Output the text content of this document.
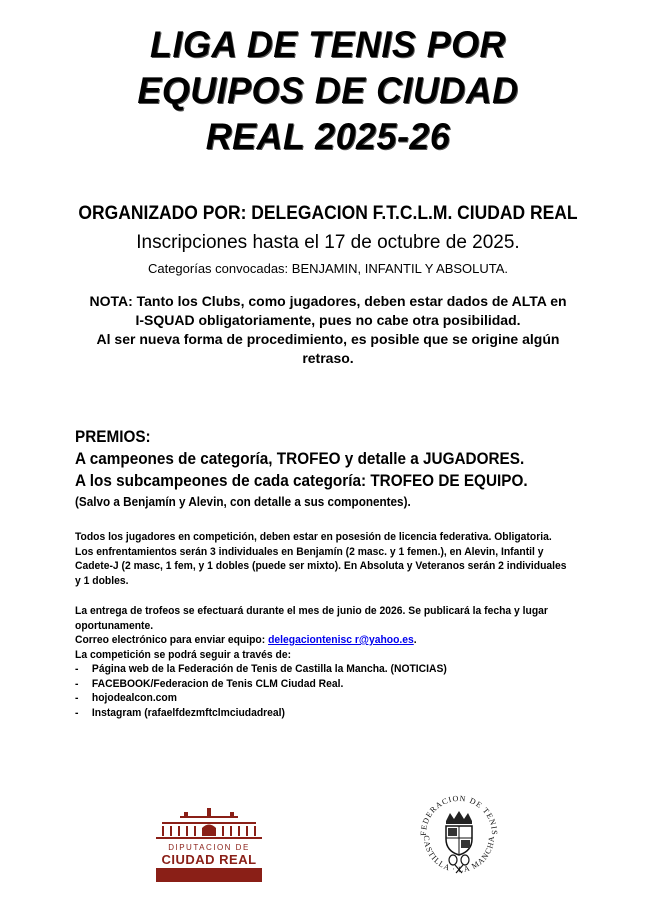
LIGA DE TENIS POR
EQUIPOS DE CIUDAD
REAL 2025-26
ORGANIZADO POR: DELEGACION F.T.C.L.M. CIUDAD REAL
Inscripciones hasta el 17 de octubre de 2025.
Categorías convocadas: BENJAMIN, INFANTIL Y ABSOLUTA.
NOTA: Tanto los Clubs, como jugadores, deben estar dados de ALTA en
I-SQUAD obligatoriamente, pues no cabe otra posibilidad.
Al ser nueva forma de procedimiento, es posible que se origine algún
retraso.
PREMIOS:
A campeones de categoría, TROFEO y detalle a JUGADORES.
A los subcampeones de cada categoría: TROFEO DE EQUIPO.
(Salvo a Benjamín y Alevin, con detalle a sus componentes).

Todos los jugadores en competición, deben estar en posesión de licencia federativa. Obligatoria.
Los enfrentamientos serán 3 individuales en Benjamín (2 masc. y 1 femen.), en Alevin, Infantil y
Cadete-J (2 masc, 1 fem, y 1 dobles (puede ser mixto). En Absoluta y Veteranos serán 2 individuales
y 1 dobles.

La entrega de trofeos se efectuará durante el mes de junio de 2026. Se publicará la fecha y lugar
oportunamente.
Correo electrónico para enviar equipo: delegaciontenisc r@yahoo.es.
La competición se podrá seguir a través de:
- Página web de la Federación de Tenis de Castilla la Mancha. (NOTICIAS)
- FACEBOOK/Federacion de Tenis CLM Ciudad Real.
- hojodealcon.com
- Instagram (rafaelfdezmftclmciudadreal)
DIPUTACION DE
CIUDAD REAL
FEDERACION DE TENIS
CASTILLA · LA MANCHA
